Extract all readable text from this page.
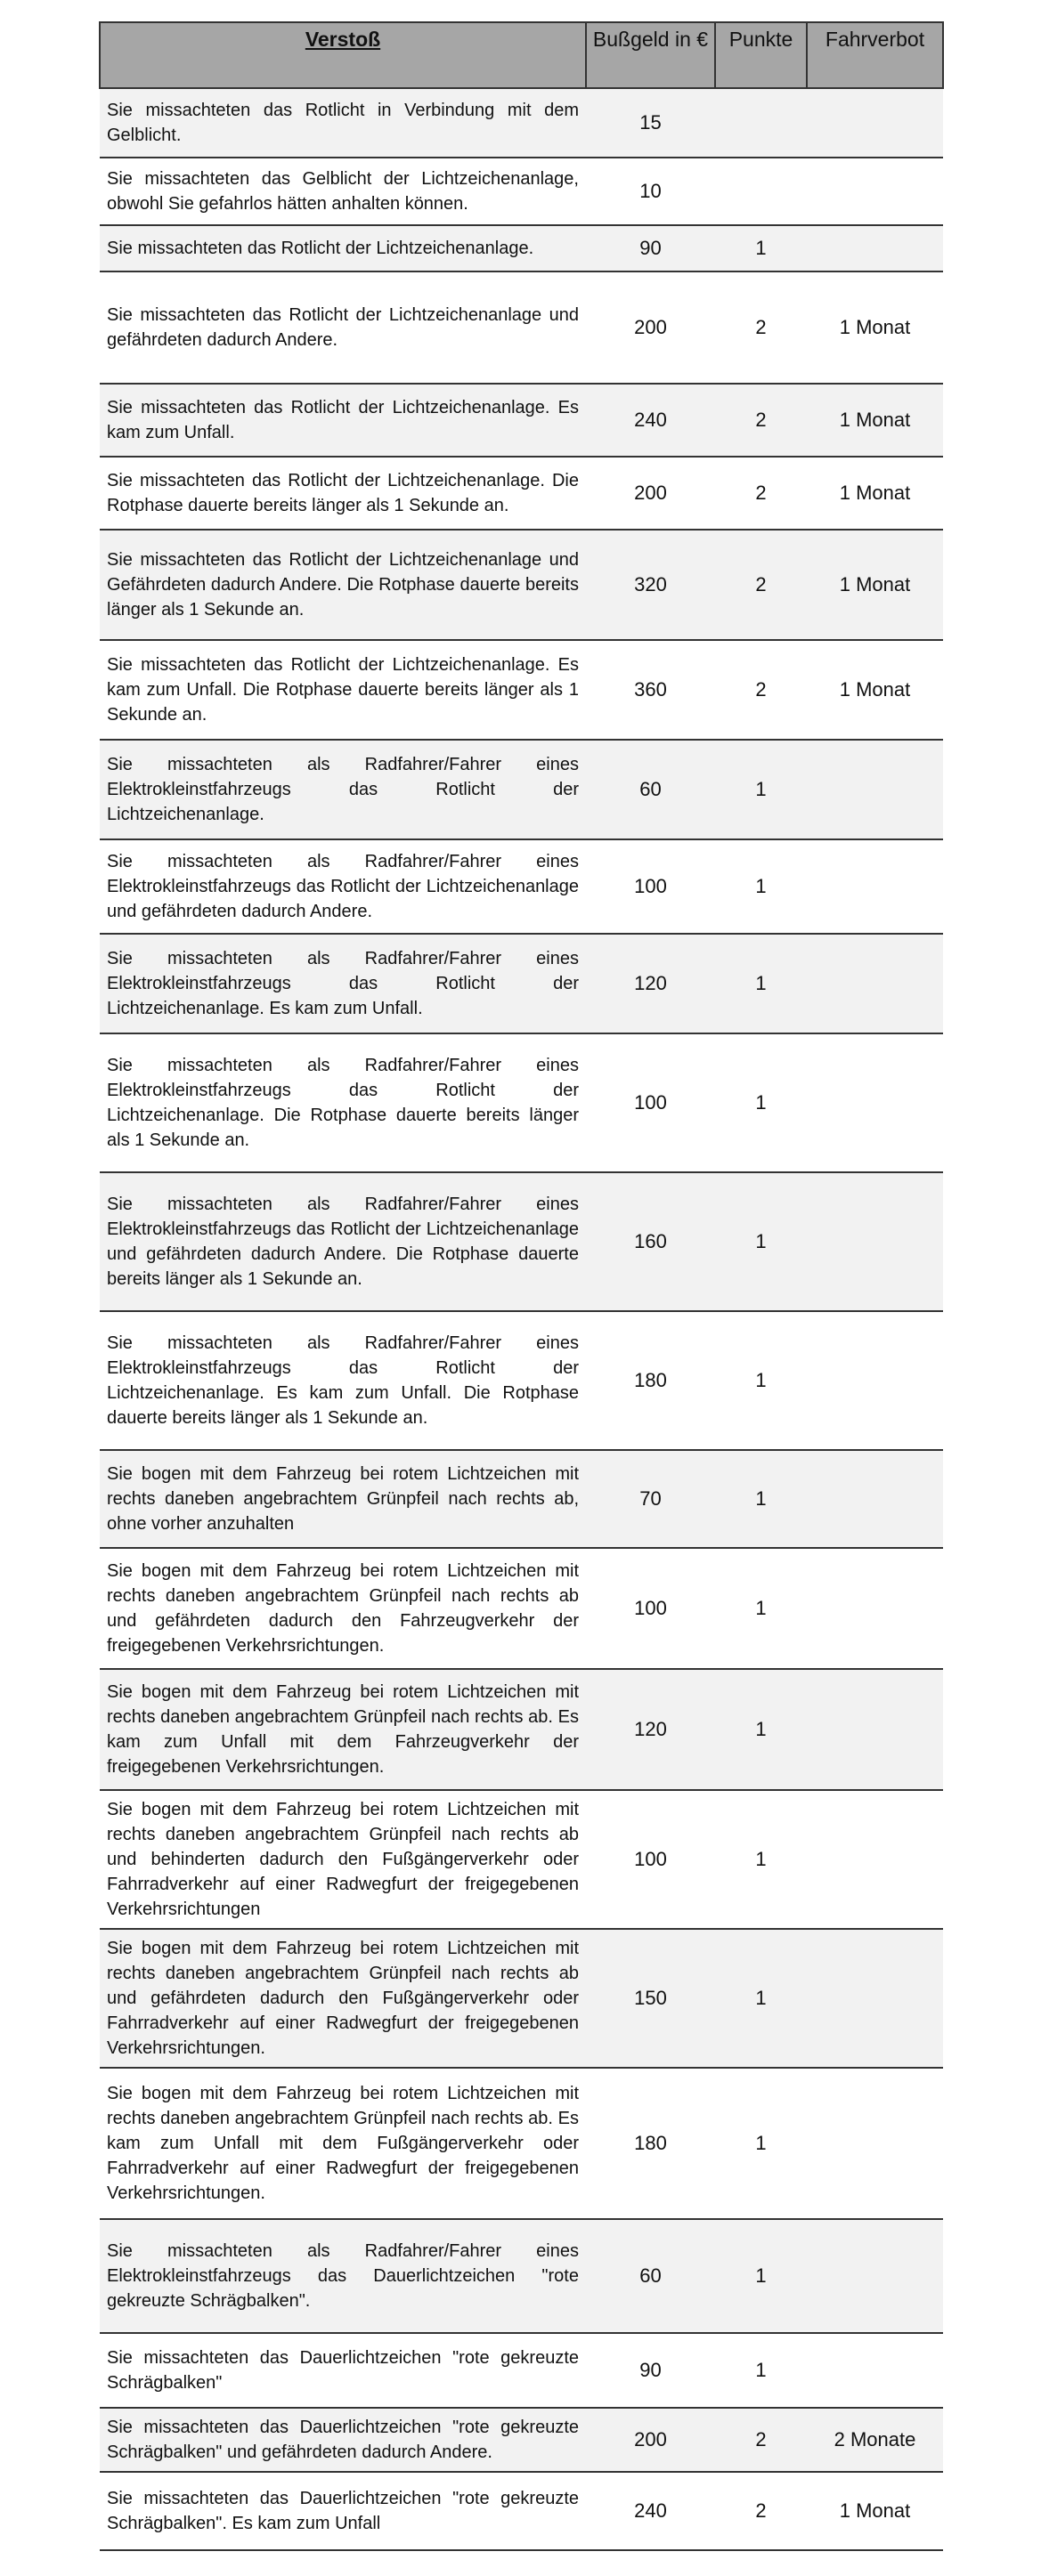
Verstoß	Bußgeld in €	Punkte	Fahrverbot
Sie missachteten das Rotlicht in Verbindung mit dem Gelblicht.	15		
Sie missachteten das Gelblicht der Lichtzeichenanlage, obwohl Sie gefahrlos hätten anhalten können.	10		
Sie missachteten das Rotlicht der Lichtzeichenanlage.	90	1	
Sie missachteten das Rotlicht der Lichtzeichenanlage und gefährdeten dadurch Andere.	200	2	1 Monat
Sie missachteten das Rotlicht der Lichtzeichenanlage. Es kam zum Unfall.	240	2	1 Monat
Sie missachteten das Rotlicht der Lichtzeichenanlage. Die Rotphase dauerte bereits länger als 1 Sekunde an.	200	2	1 Monat
Sie missachteten das Rotlicht der Lichtzeichenanlage und Gefährdeten dadurch Andere. Die Rotphase dauerte bereits länger als 1 Sekunde an.	320	2	1 Monat
Sie missachteten das Rotlicht der Lichtzeichenanlage. Es kam zum Unfall. Die Rotphase dauerte bereits länger als 1 Sekunde an.	360	2	1 Monat
Sie missachteten als Radfahrer/Fahrer eines Elektrokleinstfahrzeugs das Rotlicht der Lichtzeichenanlage.	60	1	
Sie missachteten als Radfahrer/Fahrer eines Elektrokleinstfahrzeugs das Rotlicht der Lichtzeichenanlage und gefährdeten dadurch Andere.	100	1	
Sie missachteten als Radfahrer/Fahrer eines Elektrokleinstfahrzeugs das Rotlicht der Lichtzeichenanlage. Es kam zum Unfall.	120	1	
Sie missachteten als Radfahrer/Fahrer eines Elektrokleinstfahrzeugs das Rotlicht der Lichtzeichenanlage. Die Rotphase dauerte bereits länger als 1 Sekunde an.	100	1	
Sie missachteten als Radfahrer/Fahrer eines Elektrokleinstfahrzeugs das Rotlicht der Lichtzeichenanlage und gefährdeten dadurch Andere. Die Rotphase dauerte bereits länger als 1 Sekunde an.	160	1	
Sie missachteten als Radfahrer/Fahrer eines Elektrokleinstfahrzeugs das Rotlicht der Lichtzeichenanlage. Es kam zum Unfall. Die Rotphase dauerte bereits länger als 1 Sekunde an.	180	1	
Sie bogen mit dem Fahrzeug bei rotem Lichtzeichen mit rechts daneben angebrachtem Grünpfeil nach rechts ab, ohne vorher anzuhalten	70	1	
Sie bogen mit dem Fahrzeug bei rotem Lichtzeichen mit rechts daneben angebrachtem Grünpfeil nach rechts ab und gefährdeten dadurch den Fahrzeugverkehr der freigegebenen Verkehrsrichtungen.	100	1	
Sie bogen mit dem Fahrzeug bei rotem Lichtzeichen mit rechts daneben angebrachtem Grünpfeil nach rechts ab. Es kam zum Unfall mit dem Fahrzeugverkehr der freigegebenen Verkehrsrichtungen.	120	1	
Sie bogen mit dem Fahrzeug bei rotem Lichtzeichen mit rechts daneben angebrachtem Grünpfeil nach rechts ab und behinderten dadurch den Fußgängerverkehr oder Fahrradverkehr auf einer Radwegfurt der freigegebenen Verkehrsrichtungen	100	1	
Sie bogen mit dem Fahrzeug bei rotem Lichtzeichen mit rechts daneben angebrachtem Grünpfeil nach rechts ab und gefährdeten dadurch den Fußgängerverkehr oder Fahrradverkehr auf einer Radwegfurt der freigegebenen Verkehrsrichtungen.	150	1	
Sie bogen mit dem Fahrzeug bei rotem Lichtzeichen mit rechts daneben angebrachtem Grünpfeil nach rechts ab. Es kam zum Unfall mit dem Fußgängerverkehr oder Fahrradverkehr auf einer Radwegfurt der freigegebenen Verkehrsrichtungen.	180	1	
Sie missachteten als Radfahrer/Fahrer eines Elektrokleinstfahrzeugs das Dauerlichtzeichen "rote gekreuzte Schrägbalken".	60	1	
Sie missachteten das Dauerlichtzeichen "rote gekreuzte Schrägbalken"	90	1	
Sie missachteten das Dauerlichtzeichen "rote gekreuzte Schrägbalken" und gefährdeten dadurch Andere.	200	2	2 Monate
Sie missachteten das Dauerlichtzeichen "rote gekreuzte Schrägbalken". Es kam zum Unfall	240	2	1 Monat
